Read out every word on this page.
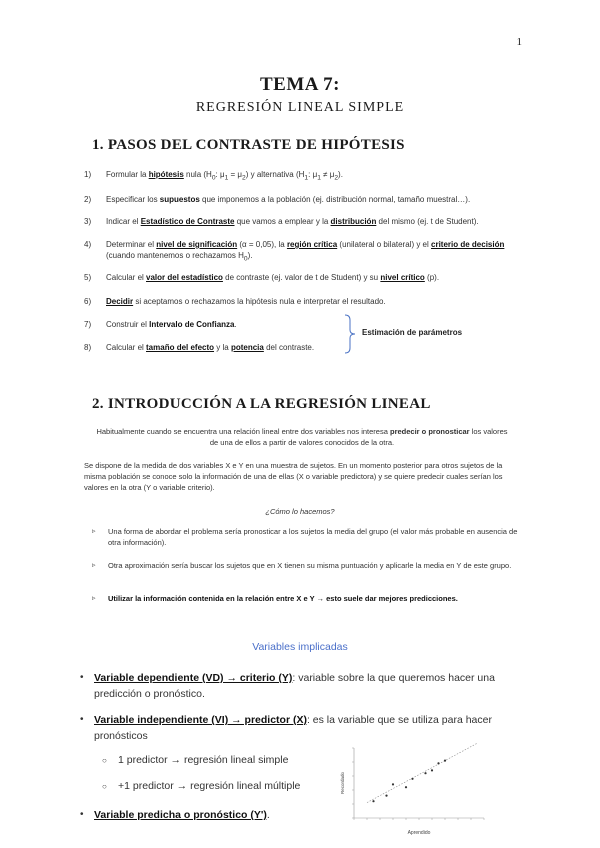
1
TEMA 7:
REGRESIÓN LINEAL SIMPLE
1. PASOS DEL CONTRASTE DE HIPÓTESIS
1)	Formular la hipótesis nula ($H_0$: $\mu_1 = \mu_2$) y alternativa ($H_1$: $\mu_1 \ne \mu_2$).
2)	Especificar los supuestos que imponemos a la población (ej. distribución normal, tamaño muestral…).
3)	Indicar el Estadístico de Contraste que vamos a emplear y la distribución del mismo (ej. t de Student).
4)	Determinar el nivel de significación (α = 0,05), la región crítica (unilateral o bilateral) y el criterio de decisión (cuando mantenemos o rechazamos $H_0$).
5)	Calcular el valor del estadístico de contraste (ej. valor de t de Student) y su nivel crítico (p).
6)	Decidir si aceptamos o rechazamos la hipótesis nula e interpretar el resultado.
7)	Construir el Intervalo de Confianza.
8)	Calcular el tamaño del efecto y la potencia del contraste.
Estimación de parámetros
2. INTRODUCCIÓN A LA REGRESIÓN LINEAL
Habitualmente cuando se encuentra una relación lineal entre dos variables nos interesa predecir o pronosticar los valores de una de ellos a partir de valores conocidos de la otra.
Se dispone de la medida de dos variables X e Y en una muestra de sujetos. En un momento posterior para otros sujetos de la misma población se conoce solo la información de una de ellas (X o variable predictora) y se quiere predecir cuales serían los valores en la otra (Y o variable criterio).
¿Cómo lo hacemos?
▹ Una forma de abordar el problema sería pronosticar a los sujetos la media del grupo (el valor más probable en ausencia de otra información).
▹ Otra aproximación sería buscar los sujetos que en X tienen su misma puntuación y aplicarle la media en Y de este grupo.
▹ Utilizar la información contenida en la relación entre X e Y → esto suele dar mejores predicciones.
Variables implicadas
• Variable dependiente (VD) → criterio (Y): variable sobre la que queremos hacer una predicción o pronóstico.
• Variable independiente (VI) → predictor (X): es la variable que se utiliza para hacer pronósticos
○ 1 predictor → regresión lineal simple
○ +1 predictor → regresión lineal múltiple
• Variable predicha o pronóstico (Y').
Aprendido
Recordado
